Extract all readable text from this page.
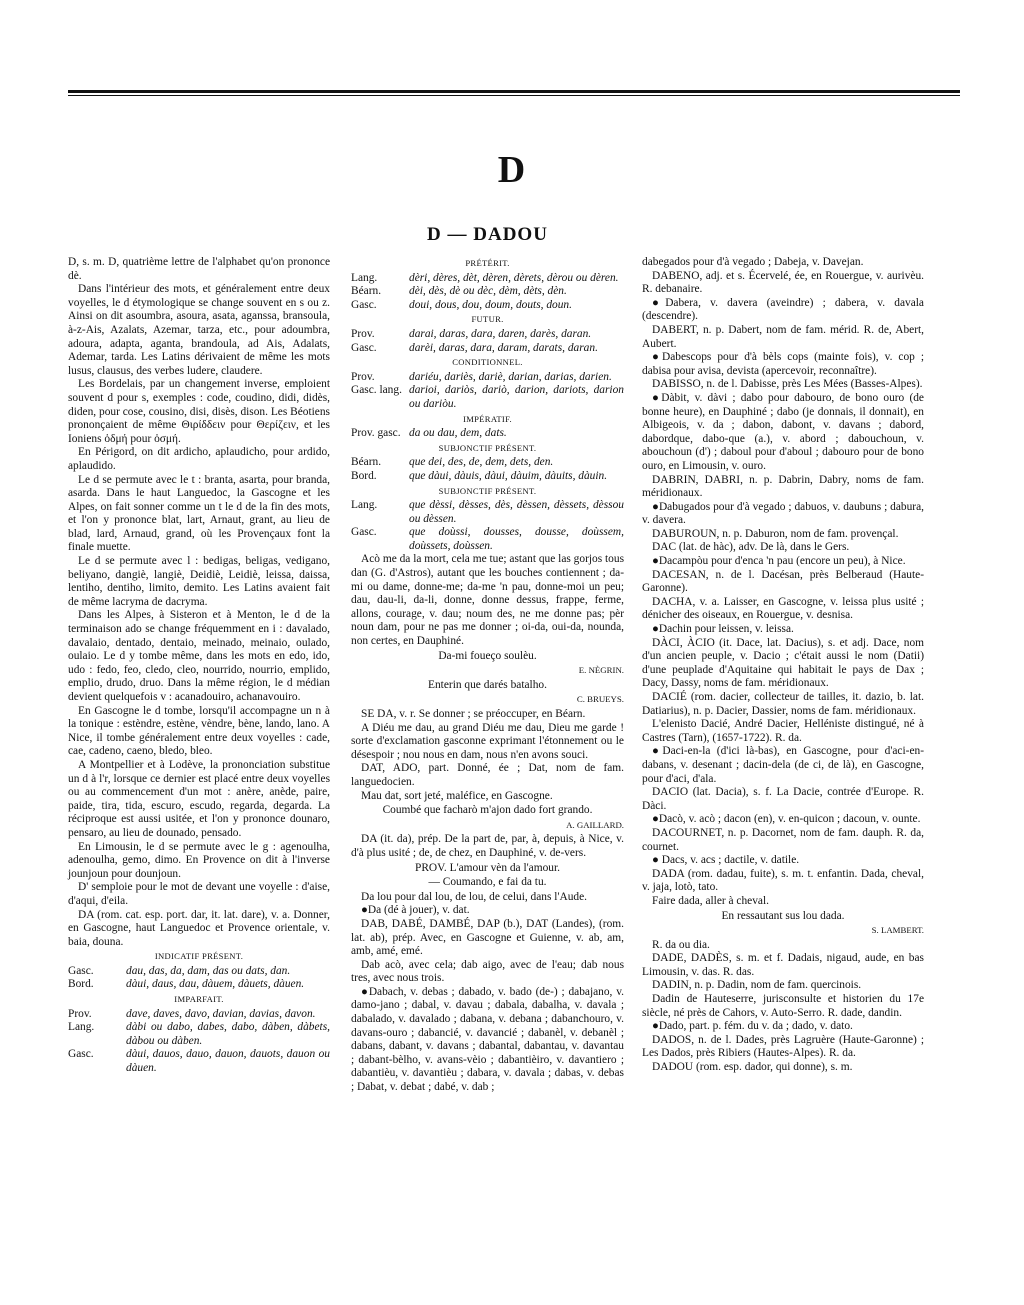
D
D — DADOU

D, s. m. D, quatrième lettre de l'alphabet qu'on prononce dè.

Dans l'intérieur des mots, et généralement entre deux voyelles, le d étymologique se change souvent en s ou z. Ainsi on dit asoumbra, asoura, asata, aganssa, bransoula, à-z-Ais, Azalats, Azemar, tarza, etc., pour adoumbra, adoura, adapta, aganta, brandoula, ad Ais, Adalats, Ademar, tarda. Les Latins dérivaient de même les mots lusus, clausus, des verbes ludere, claudere.

Les Bordelais, par un changement inverse, emploient souvent d pour s, exemples : code, coudino, didi, didès, diden, pour cose, cousino, disi, disès, dison. Les Béotiens prononçaient de même Θιρίδδειν pour Θερίζειν, et les Ioniens ὀδμή pour ὀσμή.

En Périgord, on dit ardicho, aplaudicho, pour ardido, aplaudido.

Le d se permute avec le t : branta, asarta, pour branda, asarda. Dans le haut Languedoc, la Gascogne et les Alpes, on fait sonner comme un t le d de la fin des mots, et l'on y prononce blat, lart, Arnaut, grant, au lieu de blad, lard, Arnaud, grand, où les Provençaux font la finale muette.

Le d se permute avec l : bedigas, beligas, vedigano, beliyano, dangiè, langiè, Deidiè, Leidiè, leissa, daissa, lentiho, dentiho, limito, demito. Les Latins avaient fait de même lacryma de dacryma.

Dans les Alpes, à Sisteron et à Menton, le d de la terminaison ado se change fréquemment en i : davalado, davalaio, dentado, dentaio, meinado, meinaio, oulado, oulaio. Le d y tombe même, dans les mots en edo, ido, udo : fedo, feo, cledo, cleo, nourrido, nourrio, emplido, emplio, drudo, druo. Dans la même région, le d médian devient quelquefois v : acanadouiro, achanavouiro.

En Gascogne le d tombe, lorsqu'il accompagne un n à la tonique : estèndre, estène, vèndre, bène, lando, lano. A Nice, il tombe généralement entre deux voyelles : cade, cae, cadeno, caeno, bledo, bleo.

A Montpellier et à Lodève, la prononciation substitue un d à l'r, lorsque ce dernier est placé entre deux voyelles ou au commencement d'un mot : anère, anède, paire, paide, tira, tida, escuro, escudo, regarda, degarda. La réciproque est aussi usitée, et l'on y prononce dounaro, pensaro, au lieu de dounado, pensado.

En Limousin, le d se permute avec le g : agenoulha, adenoulha, gemo, dimo. En Provence on dit à l'inverse jounjoun pour dounjoun.

D' semploie pour le mot de devant une voyelle : d'aise, d'aqui, d'eila.

DA (rom. cat. esp. port. dar, it. lat. dare), v. a. Donner, en Gascogne, haut Languedoc et Provence orientale, v. baia, douna.

INDICATIF PRÉSENT.
Gasc.	dau, das, da, dam, das ou dats, dan.
Bord.	dàui, daus, dau, dàuem, dàuets, dàuen.
IMPARFAIT.
Prov.	dave, daves, davo, davian, davias, davon.
Lang.	dàbi ou dabo, dabes, dabo, dàben, dàbets, dàbou ou dàben.
Gasc.	dàui, dauos, dauo, dauon, dauots, dauon ou dàuen.
PRÉTÉRIT.
Lang.	dèri, dères, dèt, dèren, dèrets, dèrou ou dèren.
Béarn.	dèi, dès, dè ou dèc, dèm, dèts, dèn.
Gasc.	doui, dous, dou, doum, douts, doun.
FUTUR.
Prov.	darai, daras, dara, daren, darès, daran.
Gasc.	darèi, daras, dara, daram, darats, daran.
CONDITIONNEL.
Prov.	dariéu, dariès, dariè, darian, darias, darien.
Gasc. lang. darioi, dariòs, dariò, darion, dariots, darion ou dariòu.
IMPÉRATIF.
Prov. gasc. da ou dau, dem, dats.
SUBJONCTIF PRÉSENT.
Béarn.	que dei, des, de, dem, dets, den.
Bord.	que dàui, dàuis, dàui, dàuim, dàuits, dàuin.
SUBJONCTIF PRÉSENT.
Lang.	que dèssi, dèsses, dès, dèssen, dèssets, dèssou ou dèssen.
Gasc.	que doùssi, dousses, dousse, doùssem, doùssets, doùssen.

Acò me da la mort, cela me tue; astant que las gorjos tous dan (G. d'Astros), autant que les bouches contiennent ; da-mi ou dame, donne-me; da-me 'n pau, donne-moi un peu; dau, dau-li, da-li, donne, donne dessus, frappe, ferme, allons, courage, v. dau; noum des, ne me donne pas; pèr noun dam, pour ne pas me donner ; oi-da, oui-da, nounda, non certes, en Dauphiné.

Da-mi foueço soulèu.
E. NÈGRIN.
Enterin que darés batalho.
C. BRUEYS.

SE DA, v. r. Se donner ; se préoccuper, en Béarn.

A Diéu me dau, au grand Diéu me dau, Dieu me garde ! sorte d'exclamation gasconne exprimant l'étonnement ou le désespoir ; nou nous en dam, nous n'en avons souci.

DAT, ADO, part. Donné, ée ; Dat, nom de fam. languedocien.

Mau dat, sort jeté, maléfice, en Gascogne.

Coumbé que facharò m'ajon dado fort grando.
A. GAILLARD.

DA (it. da), prép. De la part de, par, à, depuis, à Nice, v. d'à plus usité ; de, de chez, en Dauphiné, v. de-vers.

PROV. L'amour vèn da l'amour.
— Coumando, e fai da tu.

Da lou pour dal lou, de lou, de celui, dans l'Aude.

●Da (dé à jouer), v. dat.

DAB, DABÉ, DAMBÉ, DAP (b.), DAT (Landes), (rom. lat. ab), prép. Avec, en Gascogne et Guienne, v. ab, am, amb, amé, emé.

Dab acò, avec cela; dab aigo, avec de l'eau; dab nous tres, avec nous trois.

●Dabach, v. debas ; dabado, v. bado (de-) ; dabajano, v. damo-jano ; dabal, v. davau ; dabala, dabalha, v. davala ; dabalado, v. davalado ; dabana, v. debana ; dabanchouro, v. davans-ouro ; dabancié, v. davancié ; dabanèl, v. debanèl ; dabans, dabant, v. davans ; dabantal, dabantau, v. davantau ; dabant-bèlho, v. avans-vèio ; dabantièiro, v. davantiero ; dabantièu, v. davantièu ; dabara, v. davala ; dabas, v. debas ; Dabat, v. debat ; dabé, v. dab ;

dabegados pour d'à vegado ; Dabeja, v. Davejan.

DABENO, adj. et s. Écervelé, ée, en Rouergue, v. aurivèu. R. debanaire.

●Dabera, v. davera (aveindre) ; dabera, v. davala (descendre).

DABERT, n. p. Dabert, nom de fam. mérid. R. de, Abert, Aubert.

●Dabescops pour d'à bèls cops (mainte fois), v. cop ; dabisa pour avisa, devista (apercevoir, reconnaître).

DABISSO, n. de l. Dabisse, près Les Mées (Basses-Alpes).

●Dàbit, v. dàvi ; dabo pour dabouro, de bono ouro (de bonne heure), en Dauphiné ; dabo (je donnais, il donnait), en Albigeois, v. da ; dabon, dabont, v. davans ; dabord, dabordque, dabo-que (a.), v. abord ; dabouchoun, v. abouchoun (d') ; daboul pour d'aboul ; dabouro pour de bono ouro, en Limousin, v. ouro.

DABRIN, DABRI, n. p. Dabrin, Dabry, noms de fam. méridionaux.

●Dabugados pour d'à vegado ; dabuos, v. daubuns ; dabura, v. davera.

DABUROUN, n. p. Daburon, nom de fam. provençal.

DAC (lat. de hàc), adv. De là, dans le Gers.

●Dacampòu pour d'enca 'n pau (encore un peu), à Nice.

DACESAN, n. de l. Dacésan, près Belberaud (Haute-Garonne).

DACHA, v. a. Laisser, en Gascogne, v. leissa plus usité ; dénicher des oiseaux, en Rouergue, v. desnisa.

●Dachin pour leissen, v. leissa.

DÀCI, ÀCIO (it. Dace, lat. Dacius), s. et adj. Dace, nom d'un ancien peuple, v. Dacio ; c'était aussi le nom (Datii) d'une peuplade d'Aquitaine qui habitait le pays de Dax ; Dacy, Dassy, noms de fam. méridionaux.

DACIÉ (rom. dacier, collecteur de tailles, it. dazio, b. lat. Datiarius), n. p. Dacier, Dassier, noms de fam. méridionaux.

L'elenisto Dacié, André Dacier, Helléniste distingué, né à Castres (Tarn), (1657-1722). R. da.

●Daci-en-la (d'ici là-bas), en Gascogne, pour d'aci-en-dabans, v. desenant ; dacin-dela (de ci, de là), en Gascogne, pour d'aci, d'ala.

DACIO (lat. Dacia), s. f. La Dacie, contrée d'Europe. R. Dàci.

●Dacò, v. acò ; dacon (en), v. en-quicon ; dacoun, v. ounte.

DACOURNET, n. p. Dacornet, nom de fam. dauph. R. da, cournet.

● Dacs, v. acs ; dactile, v. datile.

DADA (rom. dadau, fuite), s. m. t. enfantin. Dada, cheval, v. jaja, lotò, tato.

Faire dada, aller à cheval.

En ressautant sus lou dada.
S. LAMBERT.

R. da ou dia.

DADE, DADÈS, s. m. et f. Dadais, nigaud, aude, en bas Limousin, v. das. R. das.

DADIN, n. p. Dadin, nom de fam. quercinois.

Dadin de Hauteserre, jurisconsulte et historien du 17e siècle, né près de Cahors, v. Auto-Serro. R. dade, dandin.

●Dado, part. p. fém. du v. da ; dado, v. dato.

DADOS, n. de l. Dades, près Lagruère (Haute-Garonne) ; Les Dados, près Ribiers (Hautes-Alpes). R. da.

DADOU (rom. esp. dador, qui donne), s. m.
